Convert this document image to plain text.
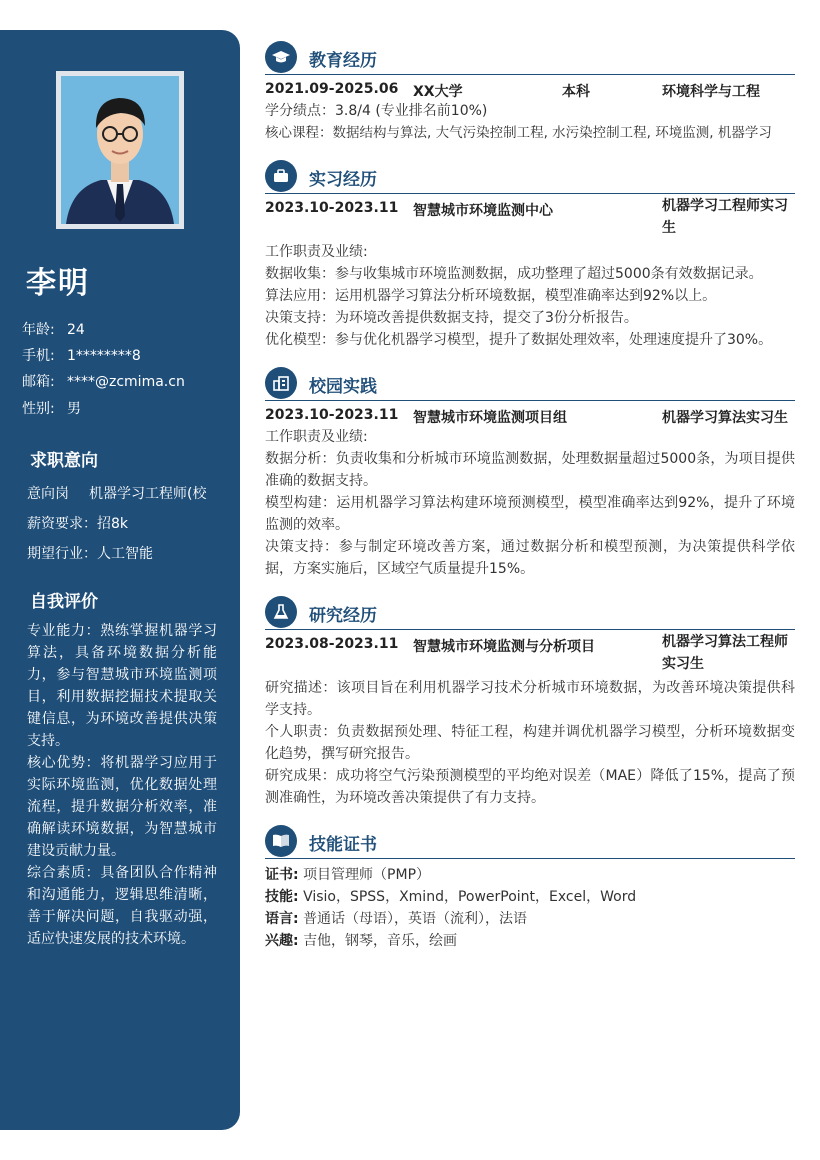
李明
年龄: 24
手机: 1********8
邮箱: ****@zcmima.cn
性别: 男
求职意向
意向岗 机器学习工程师(校
薪资要求：招8k
期望行业：人工智能
自我评价

专业能力：熟练掌握机器学习算法，具备环境数据分析能力，参与智慧城市环境监测项目，利用数据挖掘技术提取关键信息，为环境改善提供决策支持。

核心优势：将机器学习应用于实际环境监测，优化数据处理流程，提升数据分析效率，准确解读环境数据，为智慧城市建设贡献力量。

综合素质：具备团队合作精神和沟通能力，逻辑思维清晰，善于解决问题，自我驱动强，适应快速发展的技术环境。

教育经历
2021.09-2025.06 XX大学	本科	环境科学与工程
学分绩点：3.8/4 (专业排名前10%)
核心课程：数据结构与算法, 大气污染控制工程, 水污染控制工程, 环境监测, 机器学习
实习经历
2023.10-2023.11 智慧城市环境监测中心	机器学习工程师实习
生
工作职责及业绩:
数据收集：参与收集城市环境监测数据，成功整理了超过5000条有效数据记录。
算法应用：运用机器学习算法分析环境数据，模型准确率达到92%以上。
决策支持：为环境改善提供数据支持，提交了3份分析报告。
优化模型：参与优化机器学习模型，提升了数据处理效率，处理速度提升了30%。
校园实践
2023.10-2023.11 智慧城市环境监测项目组	机器学习算法实习生
工作职责及业绩:
数据分析：负责收集和分析城市环境监测数据，处理数据量超过5000条，为项目提供准确的数据支持。
模型构建：运用机器学习算法构建环境预测模型，模型准确率达到92%，提升了环境监测的效率。
决策支持：参与制定环境改善方案，通过数据分析和模型预测，为决策提供科学依据，方案实施后，区域空气质量提升15%。
研究经历
2023.08-2023.11 智慧城市环境监测与分析项目	机器学习算法工程师
实习生
研究描述：该项目旨在利用机器学习技术分析城市环境数据，为改善环境决策提供科学支持。
个人职责：负责数据预处理、特征工程，构建并调优机器学习模型，分析环境数据变化趋势，撰写研究报告。
研究成果：成功将空气污染预测模型的平均绝对误差（MAE）降低了15%，提高了预测准确性，为环境改善决策提供了有力支持。
技能证书
证书: 项目管理师（PMP）
技能: Visio，SPSS，Xmind，PowerPoint，Excel，Word
语言: 普通话（母语），英语（流利），法语
兴趣: 吉他，钢琴，音乐，绘画
